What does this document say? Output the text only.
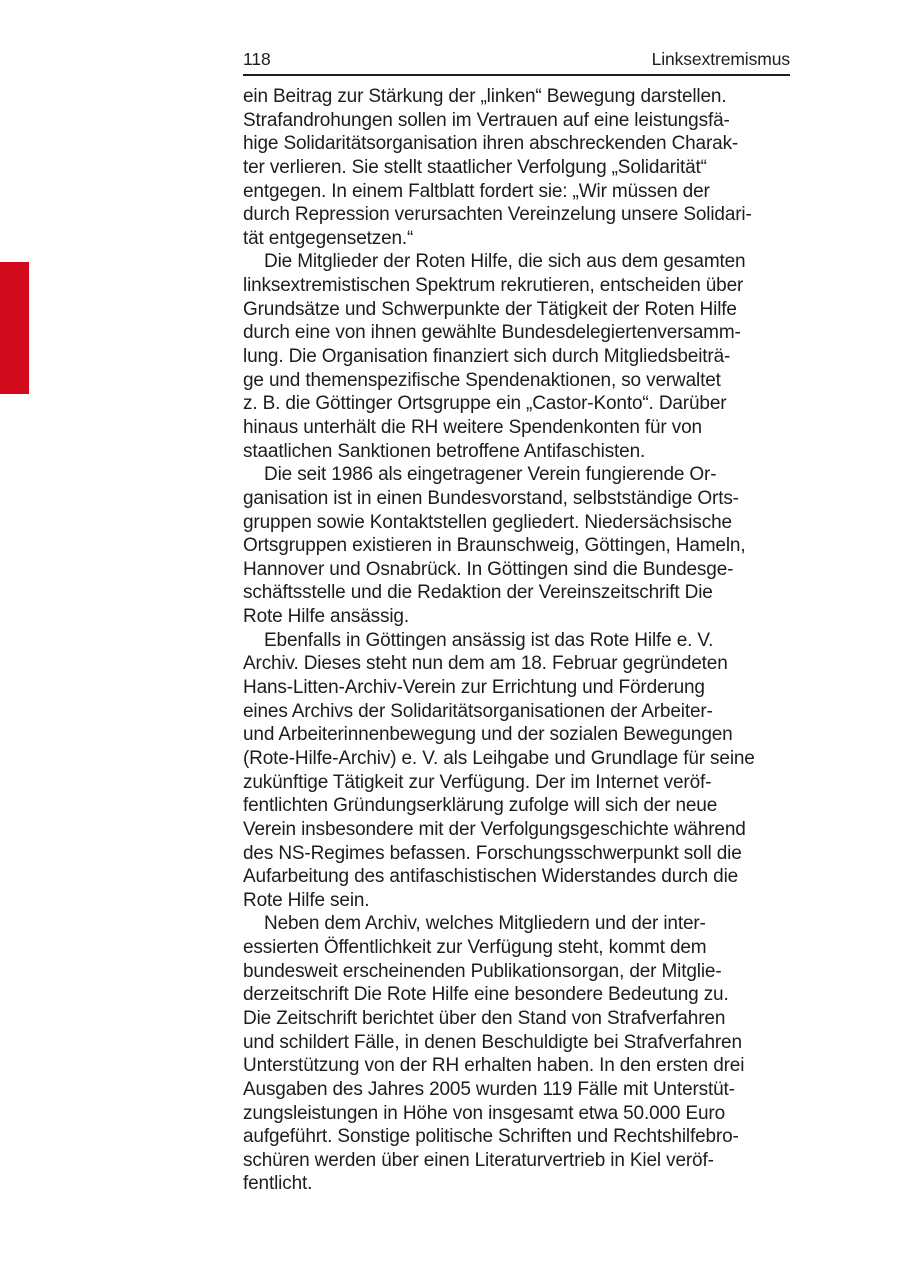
118	Linksextremismus
ein Beitrag zur Stärkung der „linken“ Bewegung darstellen.
Strafandrohungen sollen im Vertrauen auf eine leistungsfä-
hige Solidaritätsorganisation ihren abschreckenden Charak-
ter verlieren. Sie stellt staatlicher Verfolgung „Solidarität“
entgegen. In einem Faltblatt fordert sie: „Wir müssen der
durch Repression verursachten Vereinzelung unsere Solidari-
tät entgegensetzen.“
Die Mitglieder der Roten Hilfe, die sich aus dem gesamten
linksextremistischen Spektrum rekrutieren, entscheiden über
Grundsätze und Schwerpunkte der Tätigkeit der Roten Hilfe
durch eine von ihnen gewählte Bundesdelegiertenversamm-
lung. Die Organisation finanziert sich durch Mitgliedsbeiträ-
ge und themenspezifische Spendenaktionen, so verwaltet
z. B. die Göttinger Ortsgruppe ein „Castor-Konto“. Darüber
hinaus unterhält die RH weitere Spendenkonten für von
staatlichen Sanktionen betroffene Antifaschisten.
Die seit 1986 als eingetragener Verein fungierende Or-
ganisation ist in einen Bundesvorstand, selbstständige Orts-
gruppen sowie Kontaktstellen gegliedert. Niedersächsische
Ortsgruppen existieren in Braunschweig, Göttingen, Hameln,
Hannover und Osnabrück. In Göttingen sind die Bundesge-
schäftsstelle und die Redaktion der Vereinszeitschrift Die
Rote Hilfe ansässig.
Ebenfalls in Göttingen ansässig ist das Rote Hilfe e. V.
Archiv. Dieses steht nun dem am 18. Februar gegründeten
Hans-Litten-Archiv-Verein zur Errichtung und Förderung
eines Archivs der Solidaritätsorganisationen der Arbeiter-
und Arbeiterinnenbewegung und der sozialen Bewegungen
(Rote-Hilfe-Archiv) e. V. als Leihgabe und Grundlage für seine
zukünftige Tätigkeit zur Verfügung. Der im Internet veröf-
fentlichten Gründungserklärung zufolge will sich der neue
Verein insbesondere mit der Verfolgungsgeschichte während
des NS-Regimes befassen. Forschungsschwerpunkt soll die
Aufarbeitung des antifaschistischen Widerstandes durch die
Rote Hilfe sein.
Neben dem Archiv, welches Mitgliedern und der inter-
essierten Öffentlichkeit zur Verfügung steht, kommt dem
bundesweit erscheinenden Publikationsorgan, der Mitglie-
derzeitschrift Die Rote Hilfe eine besondere Bedeutung zu.
Die Zeitschrift berichtet über den Stand von Strafverfahren
und schildert Fälle, in denen Beschuldigte bei Strafverfahren
Unterstützung von der RH erhalten haben. In den ersten drei
Ausgaben des Jahres 2005 wurden 119 Fälle mit Unterstüt-
zungsleistungen in Höhe von insgesamt etwa 50.000 Euro
aufgeführt. Sonstige politische Schriften und Rechtshilfebro-
schüren werden über einen Literaturvertrieb in Kiel veröf-
fentlicht.
